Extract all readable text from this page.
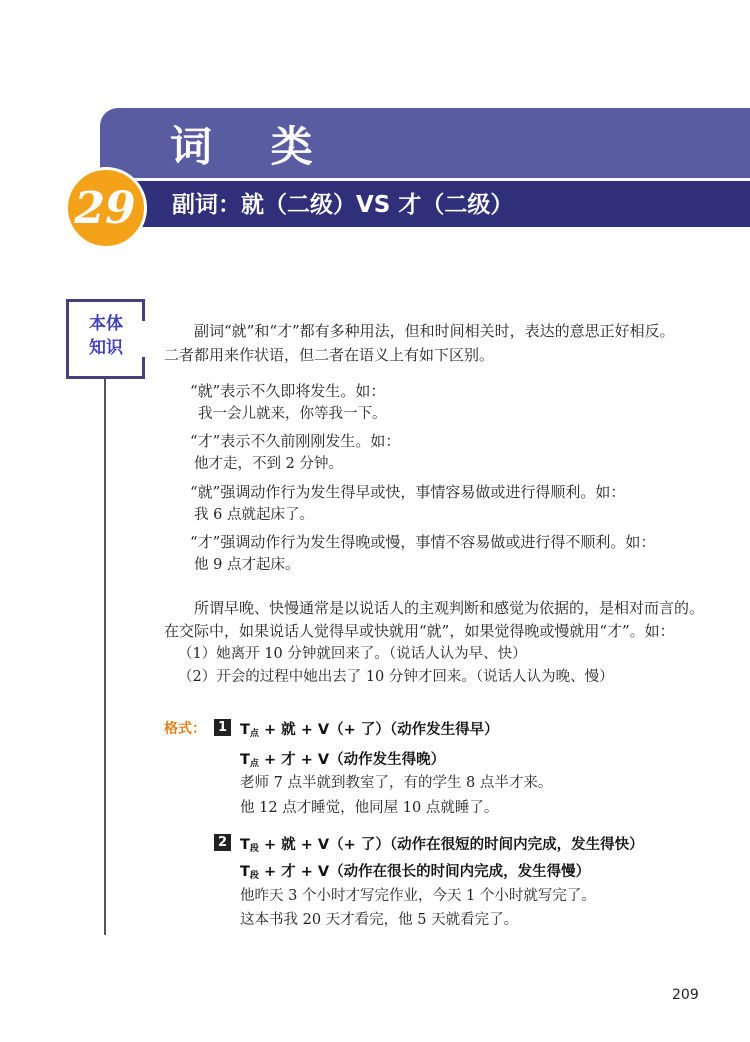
词 类
29 副词：就（二级）VS 才（二级）
本体
知识
副词“就”和“才”都有多种用法，但和时间相关时，表达的意思正好相反。
二者都用来作状语，但二者在语义上有如下区别。
“就”表示不久即将发生。如：
我一会儿就来，你等我一下。
“才”表示不久前刚刚发生。如：
他才走，不到 2 分钟。
“就”强调动作行为发生得早或快，事情容易做或进行得顺利。如：
我 6 点就起床了。
“才”强调动作行为发生得晚或慢，事情不容易做或进行得不顺利。如：
他 9 点才起床。
所谓早晚、快慢通常是以说话人的主观判断和感觉为依据的，是相对而言的。
在交际中，如果说话人觉得早或快就用“就”，如果觉得晚或慢就用“才”。如：
（1）她离开 10 分钟就回来了。（说话人认为早、快）
（2）开会的过程中她出去了 10 分钟才回来。（说话人认为晚、慢）
格式： 1 $T_点$ + 就 + V（+ 了）（动作发生得早）
$T_点$ + 才 + V（动作发生得晚）
老师 7 点半就到教室了，有的学生 8 点半才来。
他 12 点才睡觉，他同屋 10 点就睡了。
2 $T_段$ + 就 + V（+ 了）（动作在很短的时间内完成，发生得快）
$T_段$ + 才 + V（动作在很长的时间内完成，发生得慢）
他昨天 3 个小时才写完作业，今天 1 个小时就写完了。
这本书我 20 天才看完，他 5 天就看完了。
209
